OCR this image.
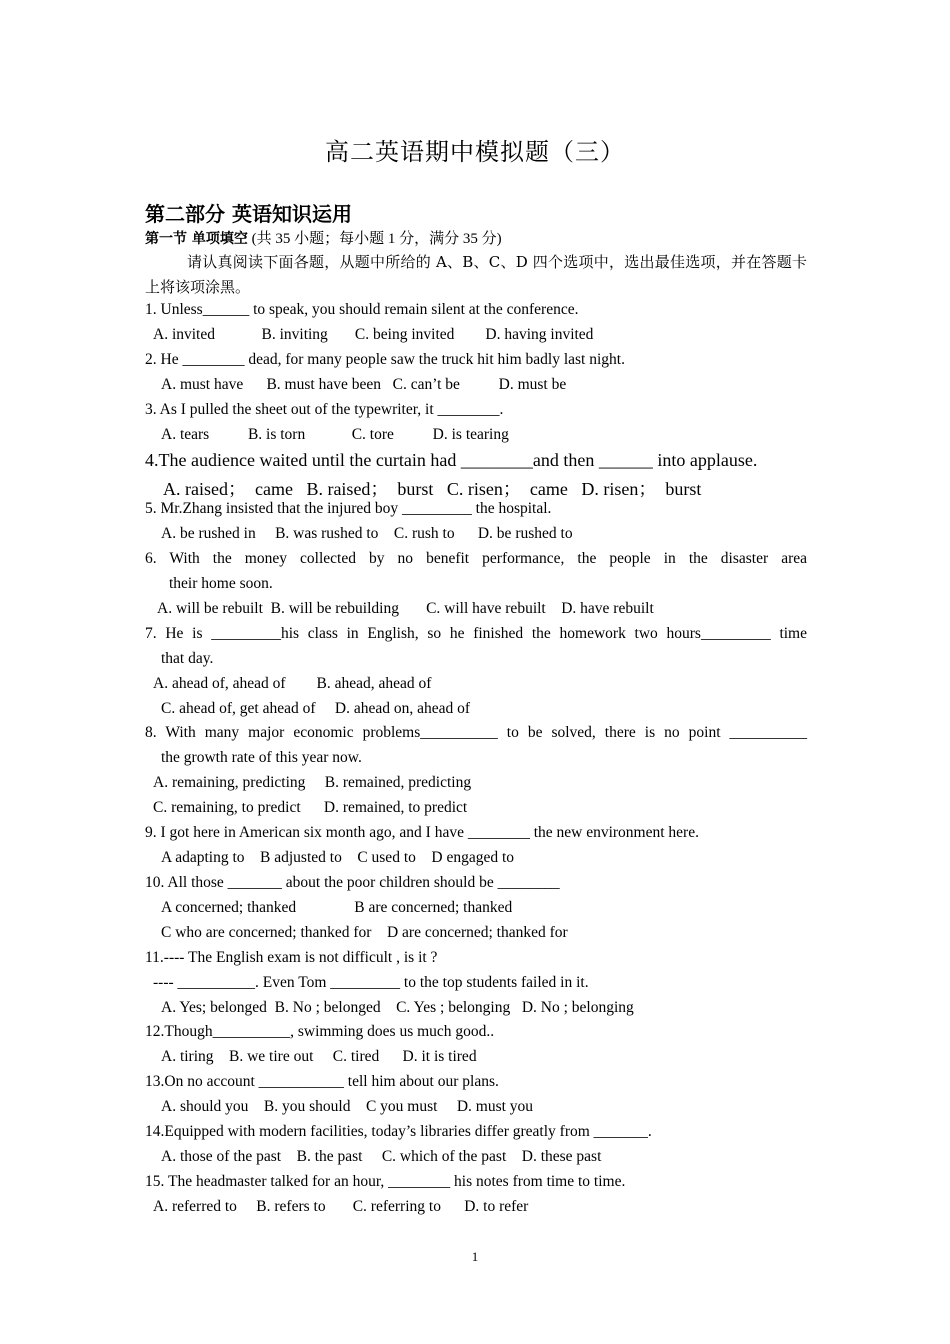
高二英语期中模拟题（三）
第二部分 英语知识运用
第一节 单项填空 (共 35 小题；每小题 1 分，满分 35 分)
请认真阅读下面各题，从题中所给的 A、B、C、D 四个选项中，选出最佳选项，并在答题卡上将该项涂黑。
1. Unless______ to speak, you should remain silent at the conference.
A. invited            B. inviting       C. being invited        D. having invited
2. He ________ dead, for many people saw the truck hit him badly last night.
A. must have      B. must have been   C. can’t be          D. must be
3. As I pulled the sheet out of the typewriter, it ________.
A. tears          B. is torn            C. tore          D. is tearing
4.The audience waited until the curtain had ________and then ______ into applause.
A. raised；  came   B. raised；  burst   C. risen；  came   D. risen；  burst
5. Mr.Zhang insisted that the injured boy _________ the hospital.
A. be rushed in     B. was rushed to    C. rush to      D. be rushed to
6. With the money collected by no benefit performance, the people in the disaster area
their home soon.
A. will be rebuilt  B. will be rebuilding       C. will have rebuilt    D. have rebuilt
7. He is _________his class in English, so he finished the homework two hours_________ time
that day.
A. ahead of, ahead of        B. ahead, ahead of
C. ahead of, get ahead of     D. ahead on, ahead of
8. With many major economic problems__________ to be solved, there is no point __________
the growth rate of this year now.
A. remaining, predicting     B. remained, predicting
C. remaining, to predict      D. remained, to predict
9. I got here in American six month ago, and I have ________ the new environment here.
A adapting to    B adjusted to    C used to    D engaged to
10. All those _______ about the poor children should be ________
A concerned; thanked               B are concerned; thanked
C who are concerned; thanked for    D are concerned; thanked for
11.---- The English exam is not difficult , is it ?
---- __________. Even Tom _________ to the top students failed in it.
A. Yes; belonged  B. No ; belonged    C. Yes ; belonging   D. No ; belonging
12.Though__________, swimming does us much good..
A. tiring    B. we tire out     C. tired      D. it is tired
13.On no account ___________ tell him about our plans.
A. should you    B. you should    C you must     D. must you
14.Equipped with modern facilities, today’s libraries differ greatly from _______.
A. those of the past    B. the past     C. which of the past    D. these past
15. The headmaster talked for an hour, ________ his notes from time to time.
A. referred to     B. refers to       C. referring to      D. to refer
1
